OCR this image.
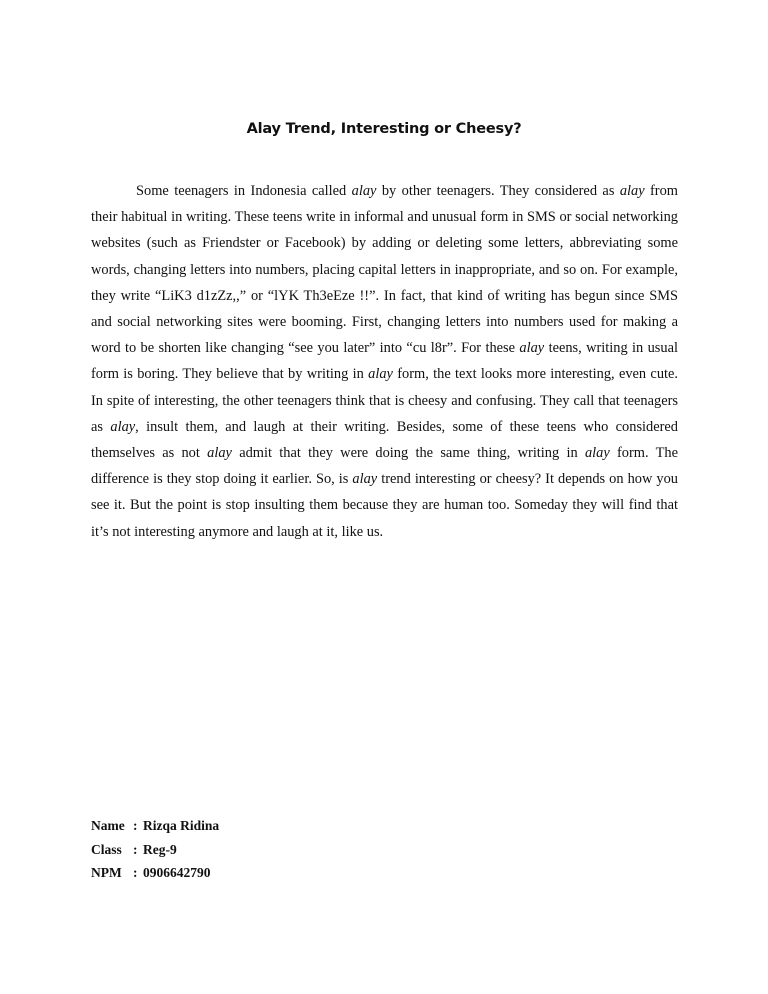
Alay Trend, Interesting or Cheesy?

Some teenagers in Indonesia called alay by other teenagers. They considered as alay from their habitual in writing. These teens write in informal and unusual form in SMS or social networking websites (such as Friendster or Facebook) by adding or deleting some letters, abbreviating some words, changing letters into numbers, placing capital letters in inappropriate, and so on. For example, they write “LiK3 d1zZz,,” or “lYK Th3eEze !!”. In fact, that kind of writing has begun since SMS and social networking sites were booming. First, changing letters into numbers used for making a word to be shorten like changing “see you later” into “cu l8r”. For these alay teens, writing in usual form is boring. They believe that by writing in alay form, the text looks more interesting, even cute. In spite of interesting, the other teenagers think that is cheesy and confusing. They call that teenagers as alay, insult them, and laugh at their writing. Besides, some of these teens who considered themselves as not alay admit that they were doing the same thing, writing in alay form. The difference is they stop doing it earlier. So, is alay trend interesting or cheesy? It depends on how you see it. But the point is stop insulting them because they are human too. Someday they will find that it’s not interesting anymore and laugh at it, like us.

Name : Rizqa Ridina
Class : Reg-9
NPM : 0906642790
